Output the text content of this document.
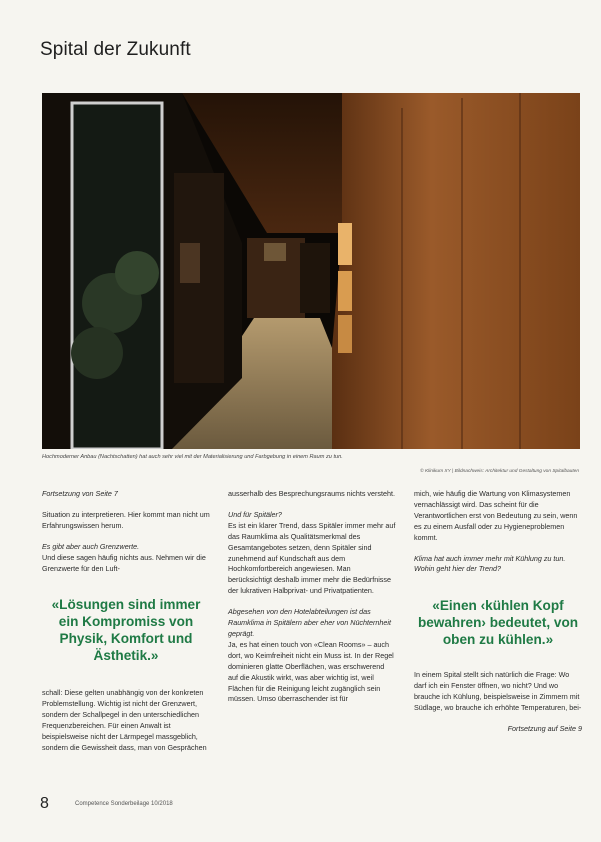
Spital der Zukunft
Hochmoderner Anbau (Nachtschatten) hat auch sehr viel mit der Materialisierung und Farbgebung in einem Raum zu tun.
© Klinikum XY | Bildnachweis: Architektur und Gestaltung von Spitalbauten

Fortsetzung von Seite 7

Situation zu interpretieren. Hier kommt man nicht um Erfahrungswissen herum.

Es gibt aber auch Grenzwerte.

Und diese sagen häufig nichts aus. Nehmen wir die Grenzwerte für den Luft-

«Lösungen sind immer ein Kompromiss von Physik, Komfort und Ästhetik.»

schall: Diese gelten unabhängig von der konkreten Problemstellung. Wichtig ist nicht der Grenzwert, sondern der Schallpegel in den unterschiedlichen Frequenzbereichen. Für einen Anwalt ist beispielsweise nicht der Lärmpegel massgeblich, sondern die Gewissheit dass, man von Gesprächen

ausserhalb des Besprechungsraums nichts versteht.

Und für Spitäler?

Es ist ein klarer Trend, dass Spitäler immer mehr auf das Raumklima als Qualitätsmerkmal des Gesamtangebotes setzen, denn Spitäler sind zunehmend auf Kundschaft aus dem Hochkomfortbereich angewiesen. Man berücksichtigt deshalb immer mehr die Bedürfnisse der lukrativen Halbprivat- und Privatpatienten.

Abgesehen von den Hotelabteilungen ist das Raumklima in Spitälern aber eher von Nüchternheit geprägt.

Ja, es hat einen touch von «Clean Rooms» – auch dort, wo Keimfreiheit nicht ein Muss ist. In der Regel dominieren glatte Oberflächen, was erschwerend auf die Akustik wirkt, was aber wichtig ist, weil Flächen für die Reinigung leicht zugänglich sein müssen. Umso überraschender ist für

mich, wie häufig die Wartung von Klimasystemen vernachlässigt wird. Das scheint für die Verantwortlichen erst von Bedeutung zu sein, wenn es zu einem Ausfall oder zu Hygieneproblemen kommt.

Klima hat auch immer mehr mit Kühlung zu tun. Wohin geht hier der Trend?

«Einen ‹kühlen Kopf bewahren› bedeutet, von oben zu kühlen.»

In einem Spital stellt sich natürlich die Frage: Wo darf ich ein Fenster öffnen, wo nicht? Und wo brauche ich Kühlung, beispielsweise in Zimmern mit Südlage, wo brauche ich erhöhte Temperaturen, bei-

Fortsetzung auf Seite 9

8	Competence Sonderbeilage 10/2018
